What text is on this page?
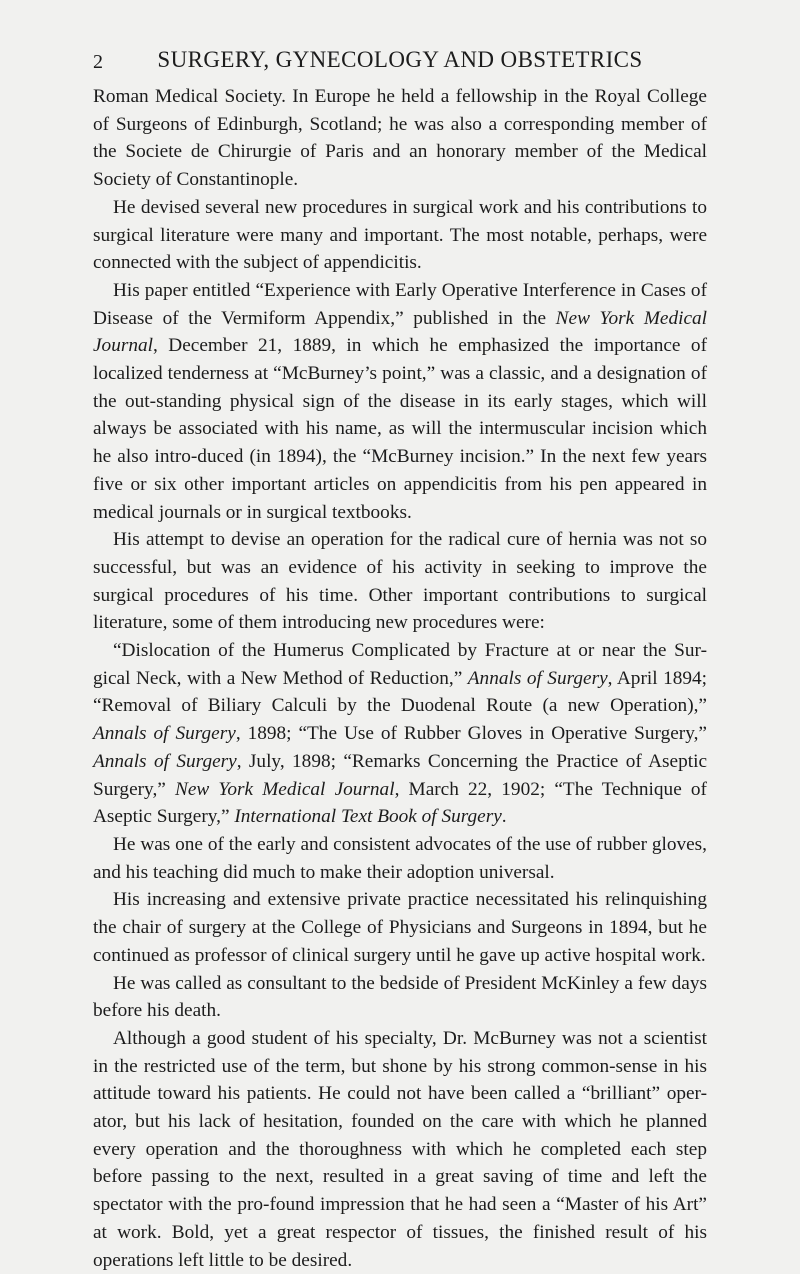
2	SURGERY, GYNECOLOGY AND OBSTETRICS

Roman Medical Society. In Europe he held a fellowship in the Royal College of Surgeons of Edinburgh, Scotland; he was also a corresponding member of the Societe de Chirurgie of Paris and an honorary member of the Medical Society of Constantinople.

He devised several new procedures in surgical work and his contributions to surgical literature were many and important. The most notable, perhaps, were connected with the subject of appendicitis.

His paper entitled “Experience with Early Operative Interference in Cases of Disease of the Vermiform Appendix,” published in the New York Medical Journal, December 21, 1889, in which he emphasized the importance of localized tenderness at “McBurney’s point,” was a classic, and a designation of the out-standing physical sign of the disease in its early stages, which will always be associated with his name, as will the intermuscular incision which he also intro-duced (in 1894), the “McBurney incision.” In the next few years five or six other important articles on appendicitis from his pen appeared in medical journals or in surgical textbooks.

His attempt to devise an operation for the radical cure of hernia was not so successful, but was an evidence of his activity in seeking to improve the surgical procedures of his time. Other important contributions to surgical literature, some of them introducing new procedures were:

“Dislocation of the Humerus Complicated by Fracture at or near the Sur-gical Neck, with a New Method of Reduction,” Annals of Surgery, April 1894; “Removal of Biliary Calculi by the Duodenal Route (a new Operation),” Annals of Surgery, 1898; “The Use of Rubber Gloves in Operative Surgery,” Annals of Surgery, July, 1898; “Remarks Concerning the Practice of Aseptic Surgery,” New York Medical Journal, March 22, 1902; “The Technique of Aseptic Surgery,” International Text Book of Surgery.

He was one of the early and consistent advocates of the use of rubber gloves, and his teaching did much to make their adoption universal.

His increasing and extensive private practice necessitated his relinquishing the chair of surgery at the College of Physicians and Surgeons in 1894, but he continued as professor of clinical surgery until he gave up active hospital work.

He was called as consultant to the bedside of President McKinley a few days before his death.

Although a good student of his specialty, Dr. McBurney was not a scientist in the restricted use of the term, but shone by his strong common-sense in his attitude toward his patients. He could not have been called a “brilliant” oper-ator, but his lack of hesitation, founded on the care with which he planned every operation and the thoroughness with which he completed each step before passing to the next, resulted in a great saving of time and left the spectator with the pro-found impression that he had seen a “Master of his Art” at work. Bold, yet a great respector of tissues, the finished result of his operations left little to be desired.
